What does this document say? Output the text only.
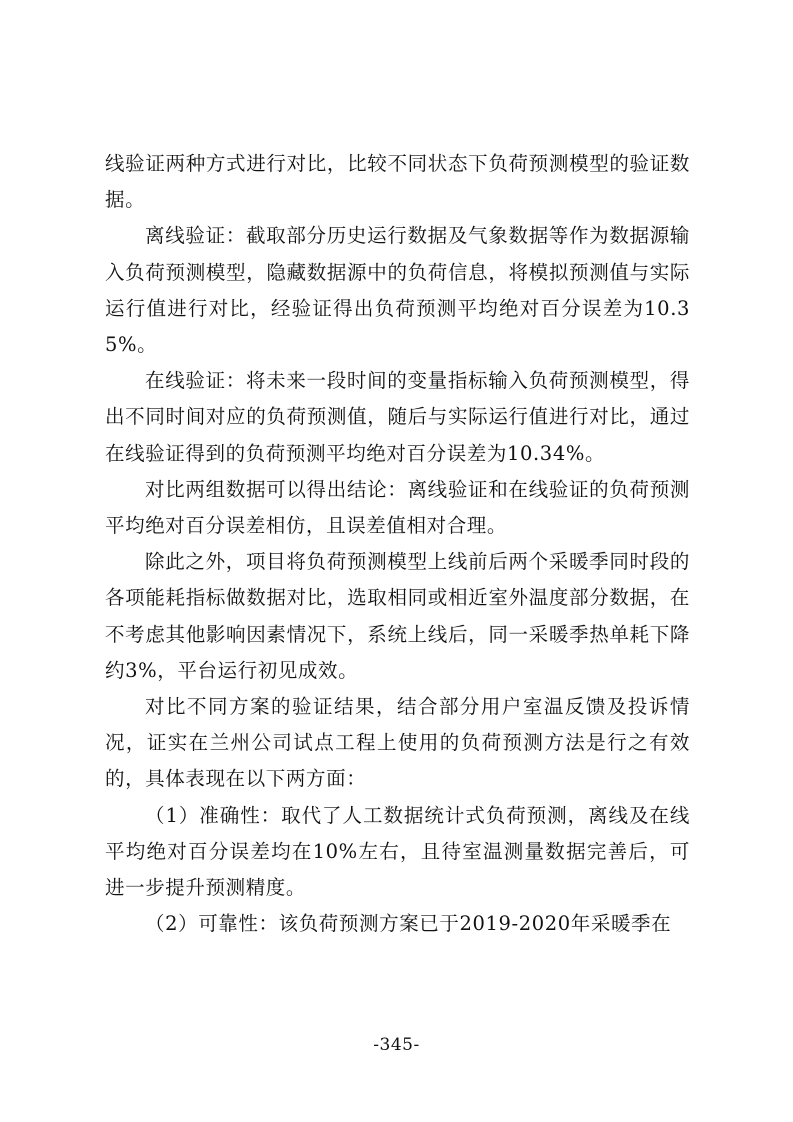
线验证两种方式进行对比，比较不同状态下负荷预测模型的验证数据。

离线验证：截取部分历史运行数据及气象数据等作为数据源输入负荷预测模型，隐藏数据源中的负荷信息，将模拟预测值与实际运行值进行对比，经验证得出负荷预测平均绝对百分误差为10.35%。

在线验证：将未来一段时间的变量指标输入负荷预测模型，得出不同时间对应的负荷预测值，随后与实际运行值进行对比，通过在线验证得到的负荷预测平均绝对百分误差为10.34%。

对比两组数据可以得出结论：离线验证和在线验证的负荷预测平均绝对百分误差相仿，且误差值相对合理。

除此之外，项目将负荷预测模型上线前后两个采暖季同时段的各项能耗指标做数据对比，选取相同或相近室外温度部分数据，在不考虑其他影响因素情况下，系统上线后，同一采暖季热单耗下降约3%，平台运行初见成效。

对比不同方案的验证结果，结合部分用户室温反馈及投诉情况，证实在兰州公司试点工程上使用的负荷预测方法是行之有效的，具体表现在以下两方面：

（1）准确性：取代了人工数据统计式负荷预测，离线及在线平均绝对百分误差均在10%左右，且待室温测量数据完善后，可进一步提升预测精度。

（2）可靠性：该负荷预测方案已于2019-2020年采暖季在

-345-
